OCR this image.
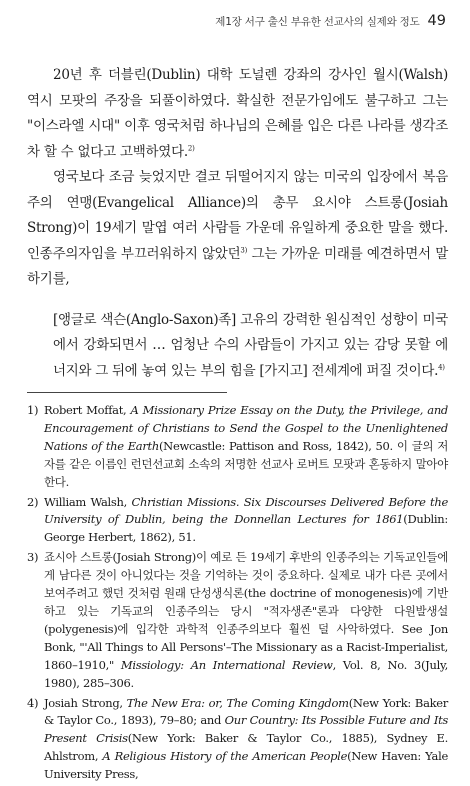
제1장 서구 출신 부유한 선교사의 실제와 정도 49

20년 후 더블린(Dublin) 대학 도널렌 강좌의 강사인 월시(Walsh) 역시 모팟의 주장을 되풀이하였다. 확실한 전문가임에도 불구하고 그는 "이스라엘 시대" 이후 영국처럼 하나님의 은혜를 입은 다른 나라를 생각조차 할 수 없다고 고백하였다.$^{2)}$

영국보다 조금 늦었지만 결코 뒤떨어지지 않는 미국의 입장에서 복음주의 연맹(Evangelical Alliance)의 총무 요시야 스트롱(Josiah Strong)이 19세기 말엽 여러 사람들 가운데 유일하게 중요한 말을 했다. 인종주의자임을 부끄러워하지 않았던$^{3)}$ 그는 가까운 미래를 예견하면서 말하기를,

[앵글로 색슨(Anglo-Saxon)족] 고유의 강력한 원심적인 성향이 미국에서 강화되면서 … 엄청난 수의 사람들이 가지고 있는 감당 못할 에너지와 그 뒤에 놓여 있는 부의 힘을 [가지고] 전세계에 퍼질 것이다.$^{4)}$

1) Robert Moffat, A Missionary Prize Essay on the Duty, the Privilege, and Encouragement of Christians to Send the Gospel to the Unenlightened Nations of the Earth(Newcastle: Pattison and Ross, 1842), 50. 이 글의 저자를 같은 이름인 런던선교회 소속의 저명한 선교사 로버트 모팟과 혼동하지 말아야 한다.
2) William Walsh, Christian Missions. Six Discourses Delivered Before the University of Dublin, being the Donnellan Lectures for 1861(Dublin: George Herbert, 1862), 51.
3) 죠시아 스트롱(Josiah Strong)이 예로 든 19세기 후반의 인종주의는 기독교인들에게 남다른 것이 아니었다는 것을 기억하는 것이 중요하다. 실제로 내가 다른 곳에서 보여주려고 했던 것처럼 원래 단성생식론(the doctrine of monogenesis)에 기반하고 있는 기독교의 인종주의는 당시 "적자생존"론과 다양한 다원발생설(polygenesis)에 입각한 과학적 인종주의보다 훨씬 덜 사악하였다. See Jon Bonk, "'All Things to All Persons'–The Missionary as a Racist-Imperialist, 1860–1910," Missiology: An International Review, Vol. 8, No. 3(July, 1980), 285–306.
4) Josiah Strong, The New Era: or, The Coming Kingdom(New York: Baker & Taylor Co., 1893), 79–80; and Our Country: Its Possible Future and Its Present Crisis(New York: Baker & Taylor Co., 1885), Sydney E. Ahlstrom, A Religious History of the American People(New Haven: Yale University Press,
